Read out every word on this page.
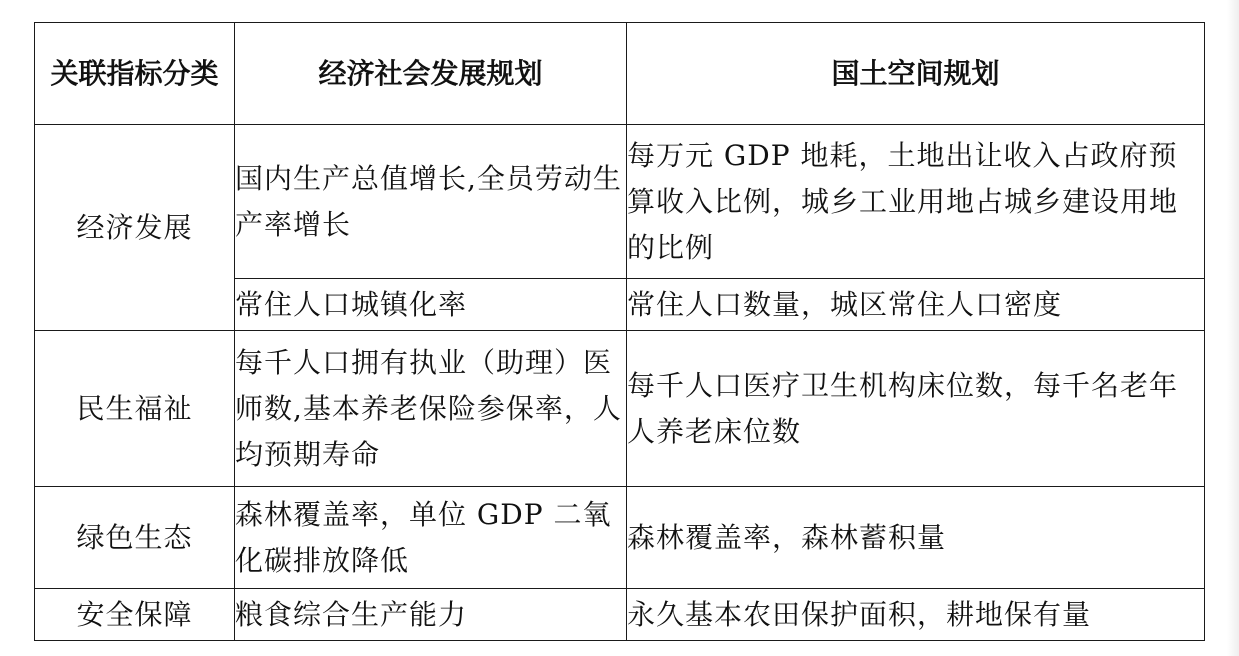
关联指标分类	经济社会发展规划	国土空间规划
经济发展	国内生产总值增长,全员劳动生产率增长	每万元 GDP 地耗，土地出让收入占政府预算收入比例，城乡工业用地占城乡建设用地的比例
	常住人口城镇化率	常住人口数量，城区常住人口密度
民生福祉	每千人口拥有执业（助理）医师数,基本养老保险参保率，人均预期寿命	每千人口医疗卫生机构床位数，每千名老年人养老床位数
绿色生态	森林覆盖率，单位 GDP 二氧化碳排放降低	森林覆盖率，森林蓄积量
安全保障	粮食综合生产能力	永久基本农田保护面积，耕地保有量
